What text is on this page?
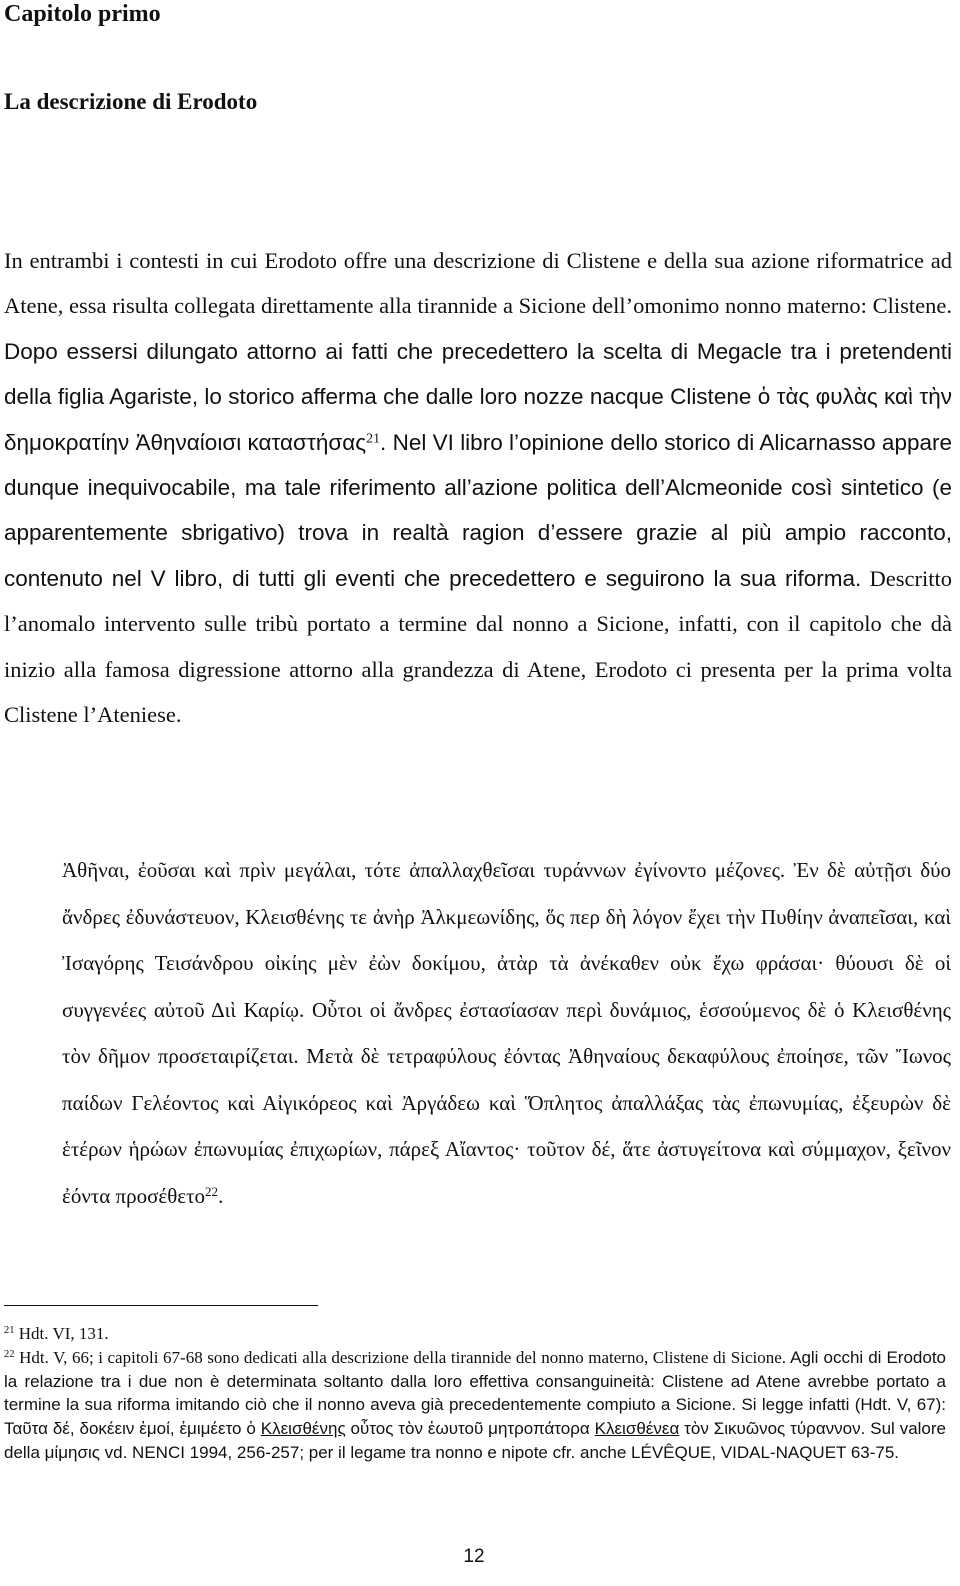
Capitolo primo
La descrizione di Erodoto
In entrambi i contesti in cui Erodoto offre una descrizione di Clistene e della sua azione riformatrice ad Atene, essa risulta collegata direttamente alla tirannide a Sicione dell’omonimo nonno materno: Clistene. Dopo essersi dilungato attorno ai fatti che precedettero la scelta di Megacle tra i pretendenti della figlia Agariste, lo storico afferma che dalle loro nozze nacque Clistene ὁ τὰς φυλὰς καὶ τὴν δημοκρατίην Ἀθηναίοισι καταστήσας$^{21}$. Nel VI libro l’opinione dello storico di Alicarnasso appare dunque inequivocabile, ma tale riferimento all’azione politica dell’Alcmeonide così sintetico (e apparentemente sbrigativo) trova in realtà ragion d’essere grazie al più ampio racconto, contenuto nel V libro, di tutti gli eventi che precedettero e seguirono la sua riforma. Descritto l’anomalo intervento sulle tribù portato a termine dal nonno a Sicione, infatti, con il capitolo che dà inizio alla famosa digressione attorno alla grandezza di Atene, Erodoto ci presenta per la prima volta Clistene l’Ateniese.
Ἀθῆναι, ἐοῦσαι καὶ πρὶν μεγάλαι, τότε ἀπαλλαχθεῖσαι τυράννων ἐγίνοντο μέζονες. Ἐν δὲ αὐτῇσι δύο ἄνδρες ἐδυνάστευον, Κλεισθένης τε ἀνὴρ Ἀλκμεωνίδης, ὅς περ δὴ λόγον ἔχει τὴν Πυθίην ἀναπεῖσαι, καὶ Ἰσαγόρης Τεισάνδρου οἰκίης μὲν ἐὼν δοκίμου, ἀτὰρ τὰ ἀνέκαθεν οὐκ ἔχω φράσαι· θύουσι δὲ οἱ συγγενέες αὐτοῦ Διὶ Καρίῳ. Οὗτοι οἱ ἄνδρες ἐστασίασαν περὶ δυνάμιος, ἑσσούμενος δὲ ὁ Κλεισθένης τὸν δῆμον προσεταιρίζεται. Μετὰ δὲ τετραφύλους ἐόντας Ἀθηναίους δεκαφύλους ἐποίησε, τῶν Ἴωνος παίδων Γελέοντος καὶ Αἰγικόρεος καὶ Ἀργάδεω καὶ Ὅπλητος ἀπαλλάξας τὰς ἐπωνυμίας, ἐξευρὼν δὲ ἑτέρων ἡρώων ἐπωνυμίας ἐπιχωρίων, πάρεξ Αἴαντος· τοῦτον δέ, ἅτε ἀστυγείτονα καὶ σύμμαχον, ξεῖνον ἐόντα προσέθετο$^{22}$.

$^{21}$ Hdt. VI, 131.

$^{22}$ Hdt. V, 66; i capitoli 67-68 sono dedicati alla descrizione della tirannide del nonno materno, Clistene di Sicione. Agli occhi di Erodoto la relazione tra i due non è determinata soltanto dalla loro effettiva consanguineità: Clistene ad Atene avrebbe portato a termine la sua riforma imitando ciò che il nonno aveva già precedentemente compiuto a Sicione. Si legge infatti (Hdt. V, 67): Ταῦτα δέ, δοκέειν ἐμοί, ἐμιμέετο ὁ Κλεισθένης οὗτος τὸν ἑωυτοῦ μητροπάτορα Κλεισθένεα τὸν Σικυῶνος τύραννον. Sul valore della μίμησις vd. NENCI 1994, 256-257; per il legame tra nonno e nipote cfr. anche LÉVÊQUE, VIDAL-NAQUET 63-75.

12
